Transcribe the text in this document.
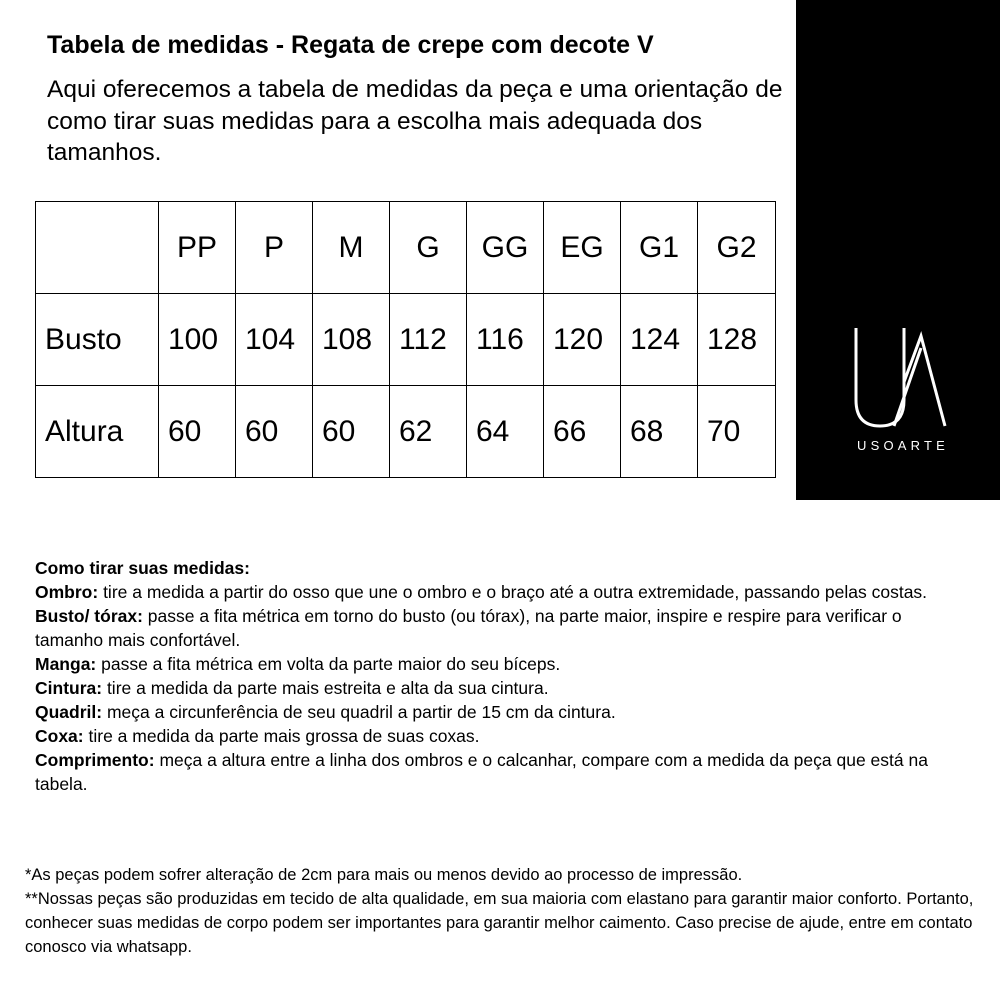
Tabela de medidas - Regata de crepe com decote V
Aqui oferecemos a tabela de medidas da peça e uma orientação de como tirar suas medidas para a escolha mais adequada dos tamanhos.
USOARTE
	PP	P	M	G	GG	EG	G1	G2
Busto	100	104	108	112	116	120	124	128
Altura	60	60	60	62	64	66	68	70

Como tirar suas medidas:

Ombro: tire a medida a partir do osso que une o ombro e o braço até a outra extremidade, passando pelas costas.

Busto/ tórax: passe a fita métrica em torno do busto (ou tórax), na parte maior, inspire e respire para verificar o tamanho mais confortável.

Manga: passe a fita métrica em volta da parte maior do seu bíceps.

Cintura: tire a medida da parte mais estreita e alta da sua cintura.

Quadril: meça a circunferência de seu quadril a partir de 15 cm da cintura.

Coxa: tire a medida da parte mais grossa de suas coxas.

Comprimento: meça a altura entre a linha dos ombros e o calcanhar, compare com a medida da peça que está na tabela.

*As peças podem sofrer alteração de 2cm para mais ou menos devido ao processo de impressão.

**Nossas peças são produzidas em tecido de alta qualidade, em sua maioria com elastano para garantir maior conforto. Portanto, conhecer suas medidas de corpo podem ser importantes para garantir melhor caimento. Caso precise de ajude, entre em contato conosco via whatsapp.
